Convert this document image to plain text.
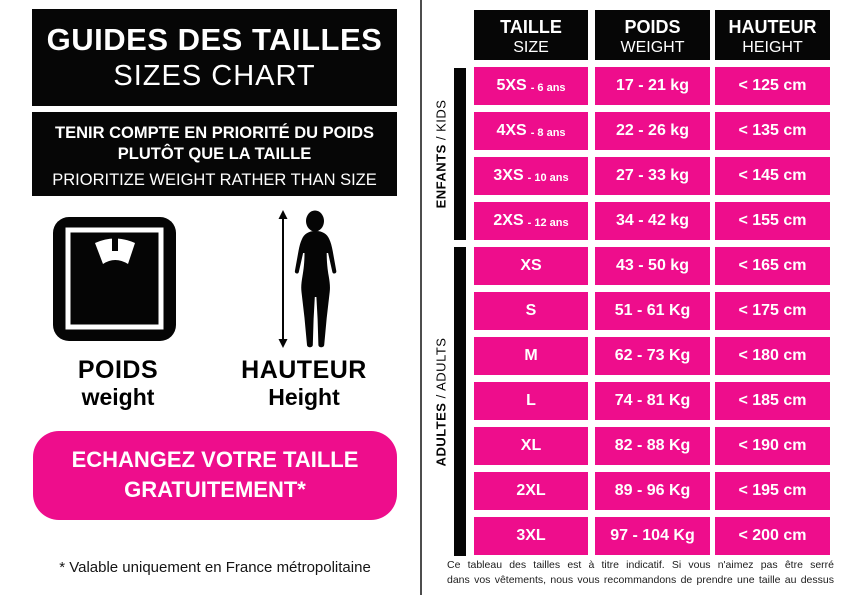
GUIDES DES TAILLES
SIZES CHART
TENIR COMPTE EN PRIORITÉ DU POIDS
PLUTÔT QUE LA TAILLE
PRIORITIZE WEIGHT RATHER THAN SIZE
POIDS
weight
HAUTEUR
Height
ECHANGEZ VOTRE TAILLE
GRATUITEMENT*
* Valable uniquement en France métropolitaine
ENFANTS / KIDS
ADULTES / ADULTS
TAILLE
SIZE
POIDS
WEIGHT
HAUTEUR
HEIGHT
5XS - 6 ans	17 - 21 kg	< 125 cm
4XS - 8 ans	22 - 26 kg	< 135 cm
3XS - 10 ans	27 - 33 kg	< 145 cm
2XS - 12 ans	34 - 42 kg	< 155 cm
XS	43 - 50 kg	< 165 cm
S	51 - 61 Kg	< 175 cm
M	62 - 73 Kg	< 180 cm
L	74 - 81 Kg	< 185 cm
XL	82 - 88 Kg	< 190 cm
2XL	89 - 96 Kg	< 195 cm
3XL	97 - 104 Kg	< 200 cm
Ce tableau des tailles est à titre indicatif. Si vous n'aimez pas être serré
dans vos vêtements, nous vous recommandons de prendre une taille au dessus
